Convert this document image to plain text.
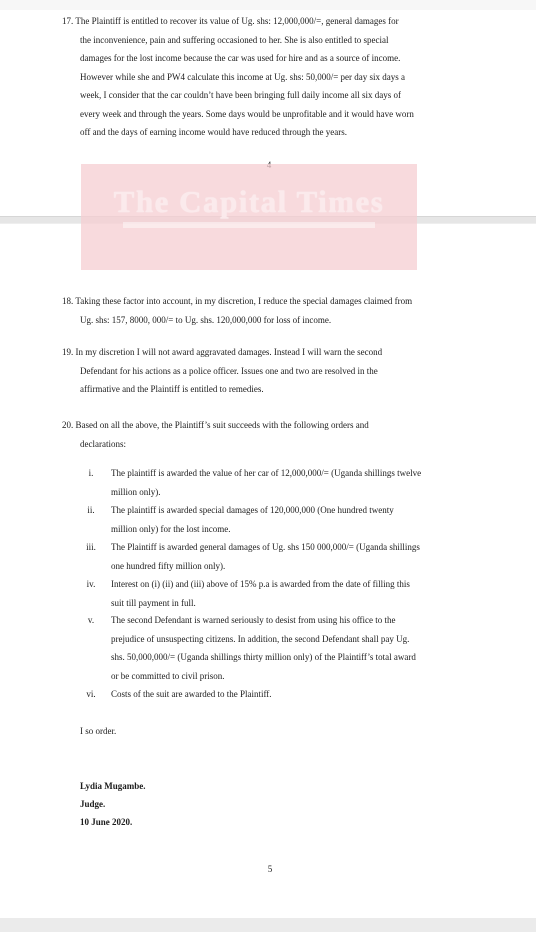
17. The Plaintiff is entitled to recover its value of Ug. shs: 12,000,000/=, general damages for
the inconvenience, pain and suffering occasioned to her. She is also entitled to special
damages for the lost income because the car was used for hire and as a source of income.
However while she and PW4 calculate this income at Ug. shs: 50,000/= per day six days a
week, I consider that the car couldn’t have been bringing full daily income all six days of
every week and through the years. Some days would be unprofitable and it would have worn
off and the days of earning income would have reduced through the years.
The Capital Times
18. Taking these factor into account, in my discretion, I reduce the special damages claimed from
Ug. shs: 157, 8000, 000/= to Ug. shs. 120,000,000 for loss of income.
19. In my discretion I will not award aggravated damages. Instead I will warn the second
Defendant for his actions as a police officer. Issues one and two are resolved in the
affirmative and the Plaintiff is entitled to remedies.
20. Based on all the above, the Plaintiff’s suit succeeds with the following orders and
declarations:
i.	The plaintiff is awarded the value of her car of 12,000,000/= (Uganda shillings twelve
million only).
ii.	The plaintiff is awarded special damages of 120,000,000 (One hundred twenty
million only) for the lost income.
iii.	The Plaintiff is awarded general damages of Ug. shs 150 000,000/= (Uganda shillings
one hundred fifty million only).
iv.	Interest on (i) (ii) and (iii) above of 15% p.a is awarded from the date of filling this
suit till payment in full.
v.	The second Defendant is warned seriously to desist from using his office to the
prejudice of unsuspecting citizens. In addition, the second Defendant shall pay Ug.
shs. 50,000,000/= (Uganda shillings thirty million only) of the Plaintiff’s total award
or be committed to civil prison.
vi.	Costs of the suit are awarded to the Plaintiff.
I so order.
Lydia Mugambe.
Judge.
10 June 2020.
5
